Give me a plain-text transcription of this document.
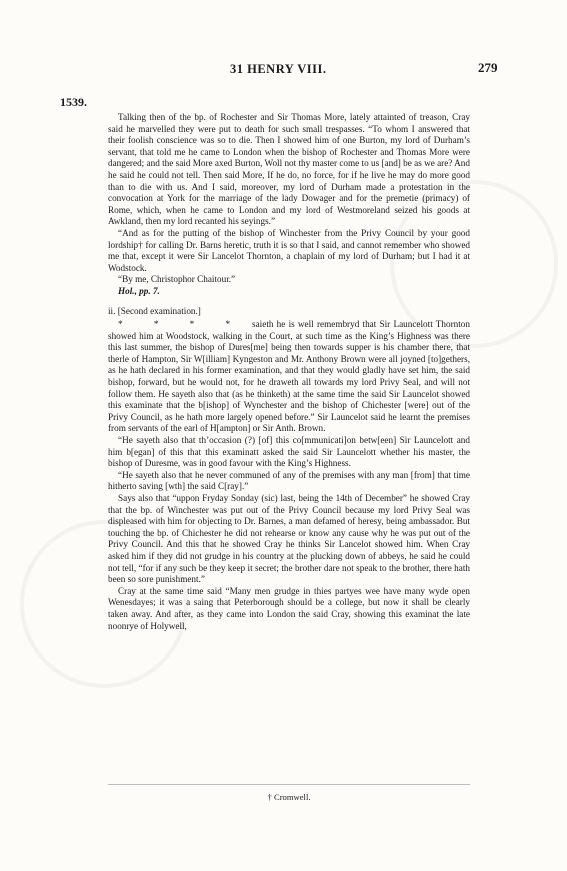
31 HENRY VIII.	279
1539.

Talking then of the bp. of Rochester and Sir Thomas More, lately attainted of treason, Cray said he marvelled they were put to death for such small trespasses. “To whom I answered that their foolish conscience was so to die. Then I showed him of one Burton, my lord of Durham’s servant, that told me he came to London when the bishop of Rochester and Thomas More were dangered; and the said More axed Burton, Woll not thy master come to us [and] be as we are? And he said he could not tell. Then said More, If he do, no force, for if he live he may do more good than to die with us. And I said, moreover, my lord of Durham made a protestation in the convocation at York for the marriage of the lady Dowager and for the premetie (primacy) of Rome, which, when he came to London and my lord of Westmoreland seized his goods at Awkland, then my lord recanted his seyings.”

“And as for the putting of the bishop of Winchester from the Privy Council by your good lordship† for calling Dr. Barns heretic, truth it is so that I said, and cannot remember who showed me that, except it were Sir Lancelot Thornton, a chaplain of my lord of Durham; but I had it at Wodstock.

“By me, Christophor Chaitour.”

Hol., pp. 7.

ii. [Second examination.]

* * * * saieth he is well remembryd that Sir Launcelott Thornton showed him at Woodstock, walking in the Court, at such time as the King’s Highness was there this last summer, the bishop of Dures[me] being then towards supper is his chamber there, that therle of Hampton, Sir W[illiam] Kyngeston and Mr. Anthony Brown were all joyned [to]gethers, as he hath declared in his former examination, and that they would gladly have set him, the said bishop, forward, but he would not, for he draweth all towards my lord Privy Seal, and will not follow them. He sayeth also that (as he thinketh) at the same time the said Sir Launcelot showed this examinate that the b[ishop] of Wynchester and the bishop of Chichester [were] out of the Privy Council, as he hath more largely opened before.” Sir Launcelot said he learnt the premises from servants of the earl of H[ampton] or Sir Anth. Brown.

“He sayeth also that th’occasion (?) [of] this co[mmunicati]on betw[een] Sir Launcelott and him b[egan] of this that this examinatt asked the said Sir Launcelott whether his master, the bishop of Duresme, was in good favour with the King’s Highness.

“He sayeth also that he never communed of any of the premises with any man [from] that time hitherto saving [wth] the said C[ray].”

Says also that “uppon Fryday Sonday (sic) last, being the 14th of December” he showed Cray that the bp. of Winchester was put out of the Privy Council because my lord Privy Seal was displeased with him for objecting to Dr. Barnes, a man defamed of heresy, being ambassador. But touching the bp. of Chichester he did not rehearse or know any cause why he was put out of the Privy Council. And this that he showed Cray he thinks Sir Lancelot showed him. When Cray asked him if they did not grudge in his country at the plucking down of abbeys, he said he could not tell, “for if any such be they keep it secret; the brother dare not speak to the brother, there hath been so sore punishment.”

Cray at the same time said “Many men grudge in thies partyes wee have many wyde open Wenesdayes; it was a saing that Peterborough should be a college, but now it shall be clearly taken away. And after, as they came into London the said Cray, showing this examinat the late noonrye of Holywell,

† Cromwell.
